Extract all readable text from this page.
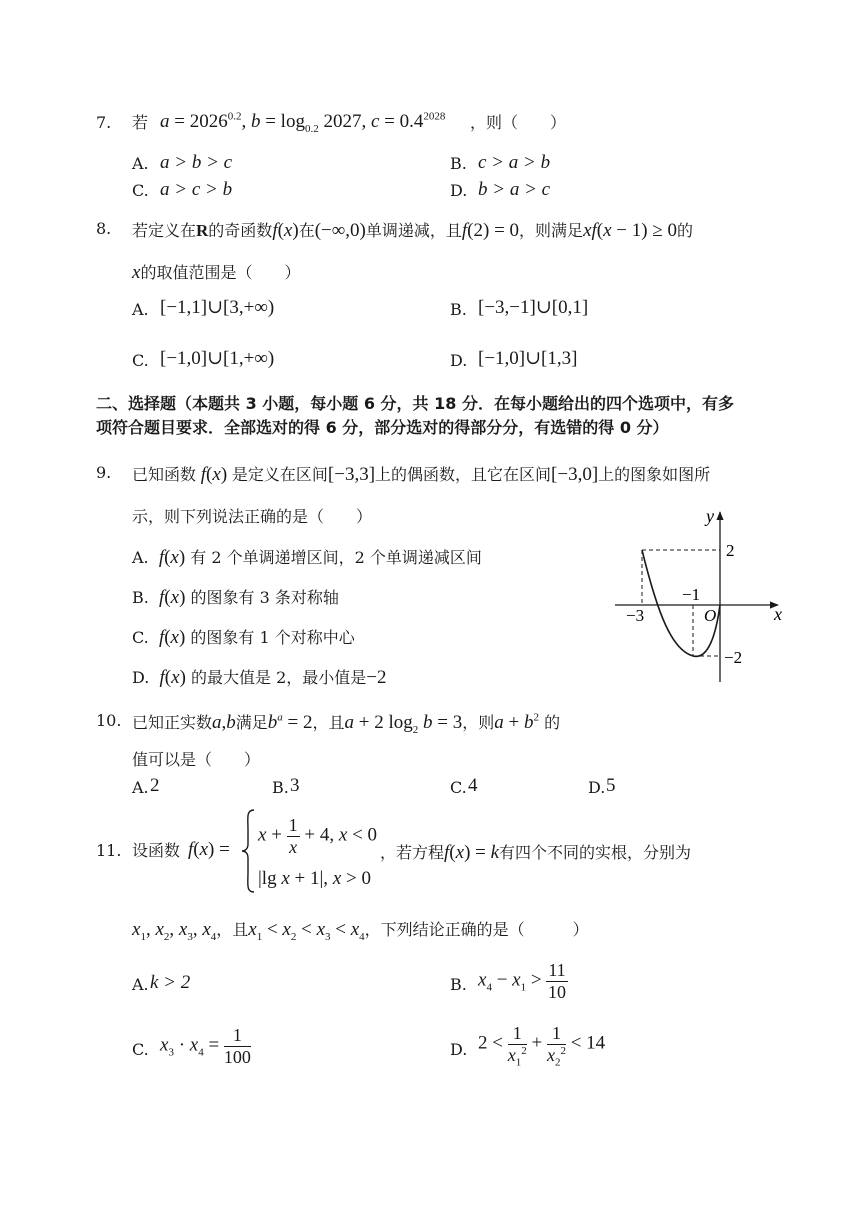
7. 若 $a = 2026^{0.2}$, $b = \log_{0.2} 2027$, $c = 0.4^{2028}$ ，则（　　）
A. a > b > c	B. c > a > b
C. a > c > b	D. b > a > c
8. 若定义在R的奇函数f(x)在(−∞,0)单调递减，且f(2) = 0，则满足xf(x − 1) ≥ 0的
x的取值范围是（　　）
A. [−1,1]∪[3,+∞)	B. [−3,−1]∪[0,1]
C. [−1,0]∪[1,+∞)	D. [−1,0]∪[1,3]
二、选择题（本题共 3 小题，每小题 6 分，共 18 分．在每小题给出的四个选项中，有多
项符合题目要求．全部选对的得 6 分，部分选对的得部分分，有选错的得 0 分）
9. 已知函数 f(x) 是定义在区间[−3,3]上的偶函数，且它在区间[−3,0]上的图象如图所
示，则下列说法正确的是（　　）
A. f(x) 有 2 个单调递增区间，2 个单调递减区间
B. f(x) 的图象有 3 条对称轴
C. f(x) 的图象有 1 个对称中心
D. f(x) 的最大值是 2，最小值是−2
y
x
O
2
−1
−3
−2
10. 已知正实数a,b满足$b^a = 2$，且a + 2 $\log_2 b = 3$，则$a + b^2$ 的
值可以是（　　）
A. 2	B. 3	C. 4	D. 5
11. 设函数 f(x) =
$x + \frac{1}{x} + 4$, x < 0
|lg x + 1|, x > 0
，若方程f(x) = k有四个不同的实根，分别为
$x_1$, $x_2$, $x_3$, $x_4$，且$x_1 < x_2 < x_3 < x_4$，下列结论正确的是（　　　）
A. k > 2	B. $x_4 - x_1 > \frac{11}{10}$
C. $x_3 \cdot x_4 = \frac{1}{100}$	D. $2 < \frac{1}{x_1^2} + \frac{1}{x_2^2} < 14$
